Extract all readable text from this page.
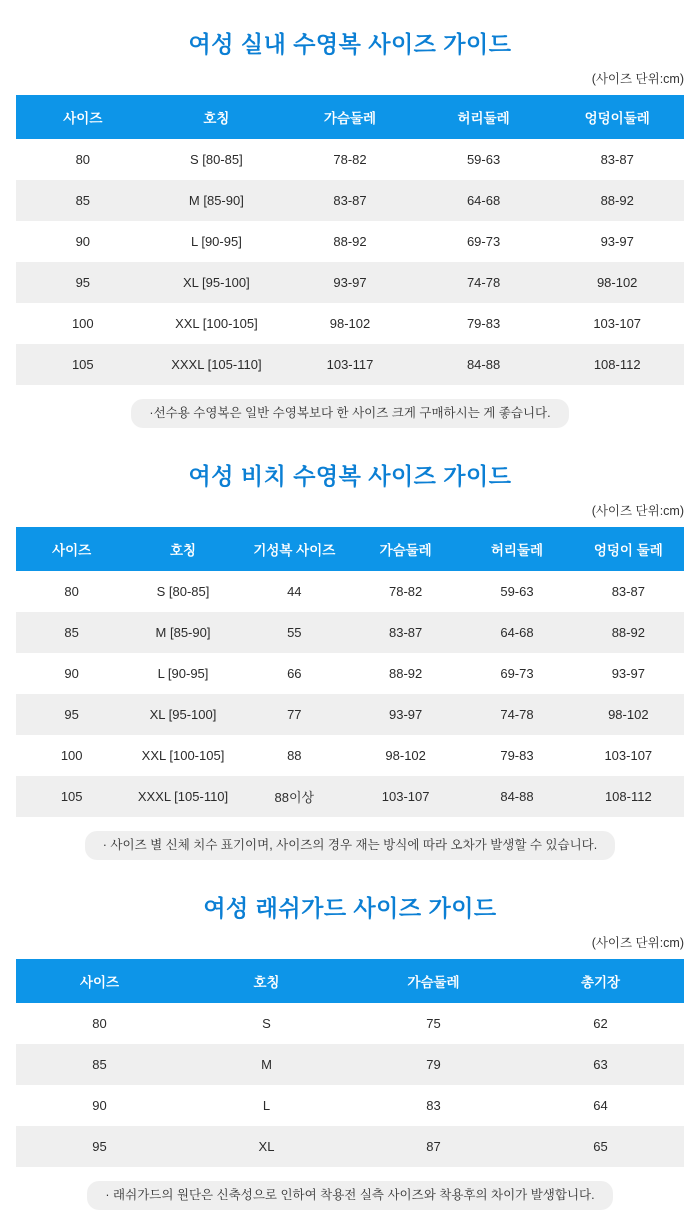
여성 실내 수영복 사이즈 가이드
(사이즈 단위:cm)
사이즈	호칭	가슴둘레	허리둘레	엉덩이둘레
80	S [80-85]	78-82	59-63	83-87
85	M [85-90]	83-87	64-68	88-92
90	L [90-95]	88-92	69-73	93-97
95	XL [95-100]	93-97	74-78	98-102
100	XXL [100-105]	98-102	79-83	103-107
105	XXXL [105-110]	103-117	84-88	108-112
·선수용 수영복은 일반 수영복보다 한 사이즈 크게 구매하시는 게 좋습니다.
여성 비치 수영복 사이즈 가이드
(사이즈 단위:cm)
사이즈	호칭	기성복 사이즈	가슴둘레	허리둘레	엉덩이 둘레
80	S [80-85]	44	78-82	59-63	83-87
85	M [85-90]	55	83-87	64-68	88-92
90	L [90-95]	66	88-92	69-73	93-97
95	XL [95-100]	77	93-97	74-78	98-102
100	XXL [100-105]	88	98-102	79-83	103-107
105	XXXL [105-110]	88이상	103-107	84-88	108-112
· 사이즈 별 신체 치수 표기이며, 사이즈의 경우 재는 방식에 따라 오차가 발생할 수 있습니다.
여성 래쉬가드 사이즈 가이드
(사이즈 단위:cm)
사이즈	호칭	가슴둘레	총기장
80	S	75	62
85	M	79	63
90	L	83	64
95	XL	87	65
· 래쉬가드의 원단은 신축성으로 인하여 착용전 실측 사이즈와 착용후의 차이가 발생합니다.
